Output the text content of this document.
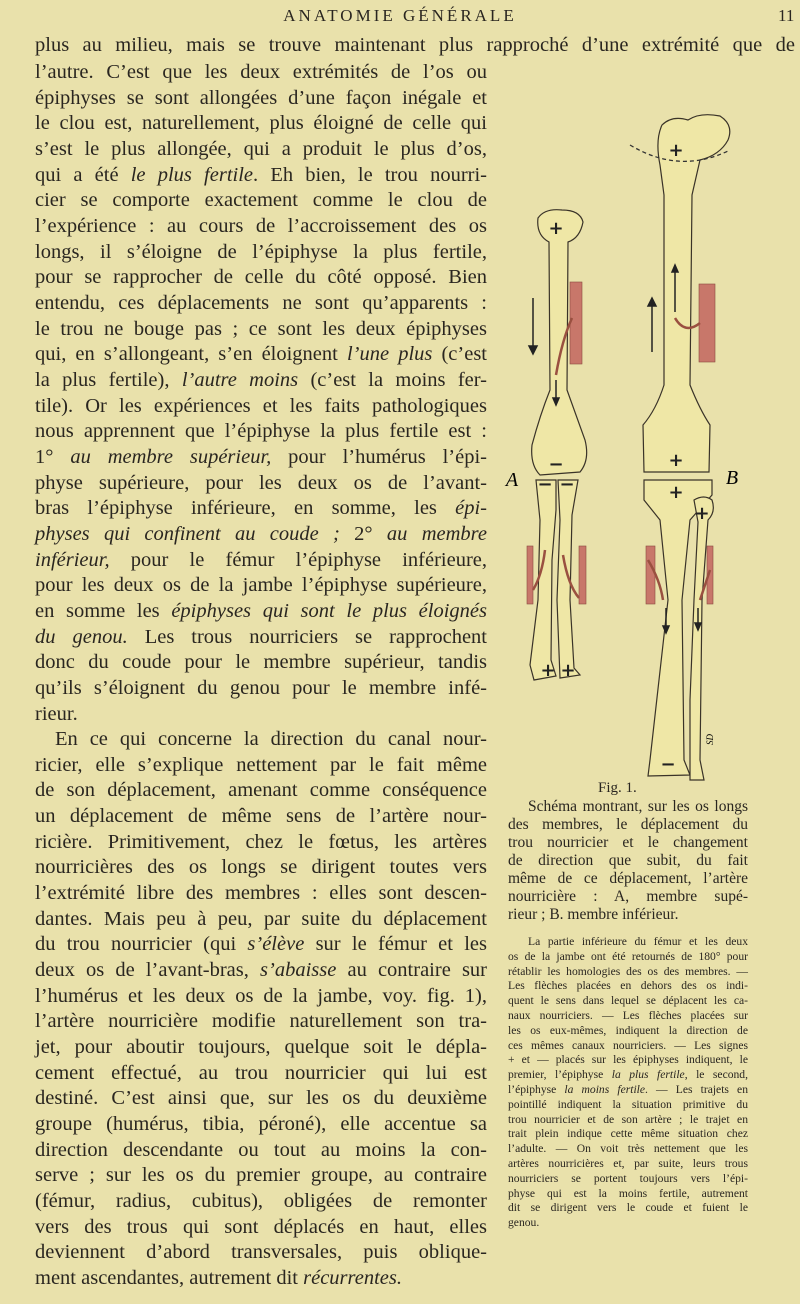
ANATOMIE GÉNÉRALE	11
plus au milieu, mais se trouve maintenant plus rapproché d’une extrémité que de
l’autre. C’est que les deux extrémités de l’os ou
épiphyses se sont allongées d’une façon inégale et
le clou est, naturellement, plus éloigné de celle qui
s’est le plus allongée, qui a produit le plus d’os,
qui a été le plus fertile. Eh bien, le trou nourri-
cier se comporte exactement comme le clou de
l’expérience : au cours de l’accroissement des os
longs, il s’éloigne de l’épiphyse la plus fertile,
pour se rapprocher de celle du côté opposé. Bien
entendu, ces déplacements ne sont qu’apparents :
le trou ne bouge pas ; ce sont les deux épiphyses
qui, en s’allongeant, s’en éloignent l’une plus (c’est
la plus fertile), l’autre moins (c’est la moins fer-
tile). Or les expériences et les faits pathologiques
nous apprennent que l’épiphyse la plus fertile est :
1° au membre supérieur, pour l’humérus l’épi-
physe supérieure, pour les deux os de l’avant-
bras l’épiphyse inférieure, en somme, les épi-
physes qui confinent au coude ; 2° au membre
inférieur, pour le fémur l’épiphyse inférieure,
pour les deux os de la jambe l’épiphyse supérieure,
en somme les épiphyses qui sont le plus éloignés
du genou. Les trous nourriciers se rapprochent
donc du coude pour le membre supérieur, tandis
qu’ils s’éloignent du genou pour le membre infé-
rieur.
En ce qui concerne la direction du canal nour-
ricier, elle s’explique nettement par le fait même
de son déplacement, amenant comme conséquence
un déplacement de même sens de l’artère nour-
ricière. Primitivement, chez le fœtus, les artères
nourricières des os longs se dirigent toutes vers
l’extrémité libre des membres : elles sont descen-
dantes. Mais peu à peu, par suite du déplacement
du trou nourricier (qui s’élève sur le fémur et les
deux os de l’avant-bras, s’abaisse au contraire sur
l’humérus et les deux os de la jambe, voy. fig. 1),
l’artère nourricière modifie naturellement son tra-
jet, pour aboutir toujours, quelque soit le dépla-
cement effectué, au trou nourricier qui lui est
destiné. C’est ainsi que, sur les os du deuxième
groupe (humérus, tibia, péroné), elle accentue sa
direction descendante ou tout au moins la con-
serve ; sur les os du premier groupe, au contraire
(fémur, radius, cubitus), obligées de remonter
vers des trous qui sont déplacés en haut, elles
deviennent d’abord transversales, puis oblique-
ment ascendantes, autrement dit récurrentes.
Schéma montrant, sur les os longs
des membres, le déplacement du
trou nourricier et le changement
de direction que subit, du fait
même de ce déplacement, l’artère
nourricière : A, membre supé-
rieur ; B. membre inférieur.
La partie inférieure du fémur et les deux
os de la jambe ont été retournés de 180° pour
rétablir les homologies des os des membres. —
Les flèches placées en dehors des os indi-
quent le sens dans lequel se déplacent les ca-
naux nourriciers. — Les flèches placées sur
les os eux-mêmes, indiquent la direction de
ces mêmes canaux nourriciers. — Les signes
+ et — placés sur les épiphyses indiquent, le
premier, l’épiphyse la plus fertile, le second,
l’épiphyse la moins fertile. — Les trajets en
pointillé indiquent la situation primitive du
trou nourricier et de son artère ; le trajet en
trait plein indique cette même situation chez
l’adulte. — On voit très nettement que les
artères nourricières et, par suite, leurs trous
nourriciers se portent toujours vers l’épi-
physe qui est la moins fertile, autrement
dit se dirigent vers le coude et fuient le
genou.
+
+ +
+
+
+
+
−
− −
−
A	B
SD
Fig. 1.
